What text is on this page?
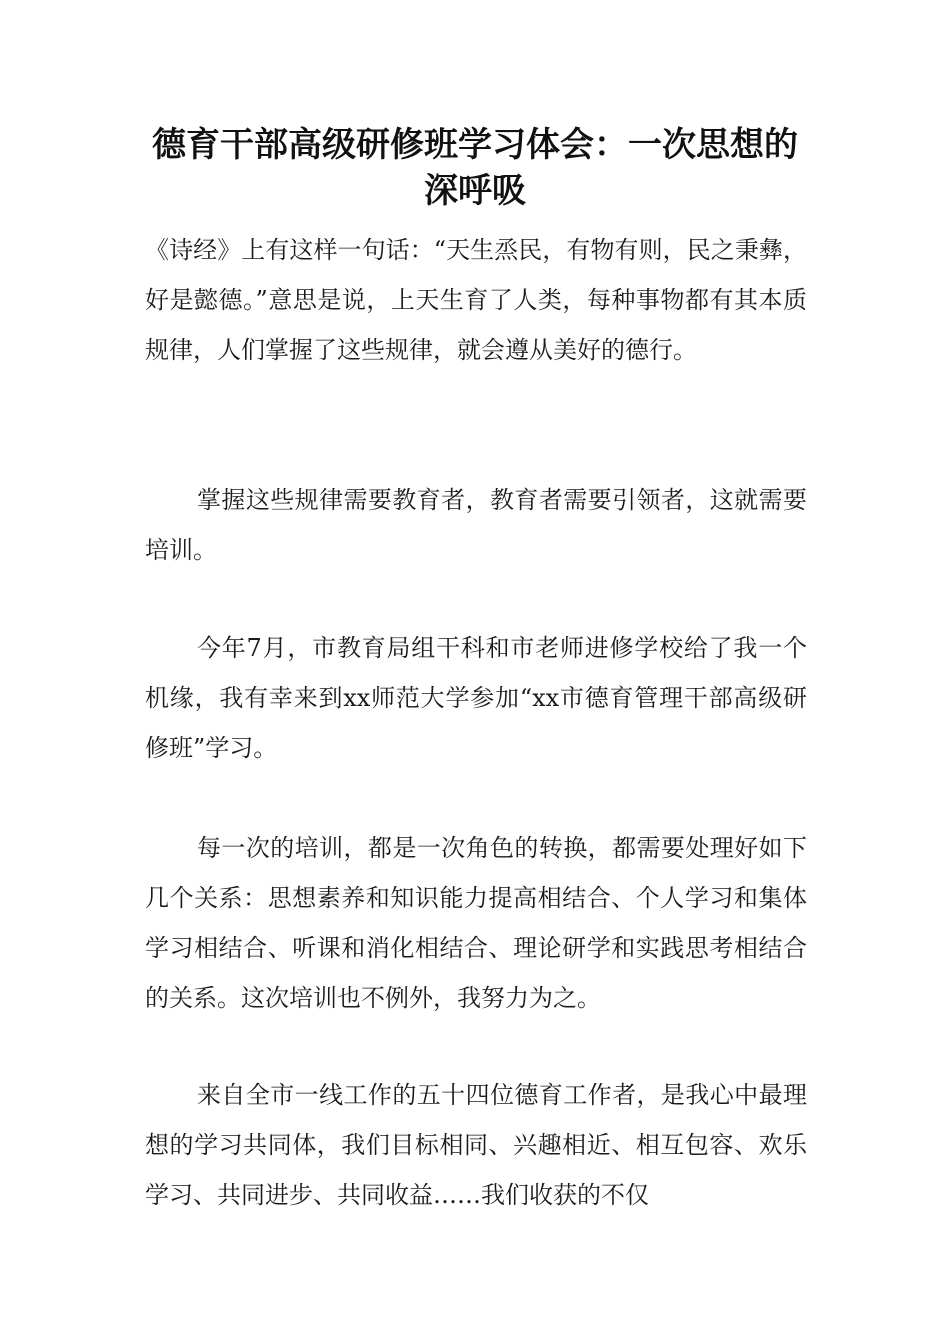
德育干部高级研修班学习体会：一次思想的深呼吸

《诗经》上有这样一句话：“天生烝民，有物有则，民之秉彝，好是懿德。”意思是说，上天生育了人类，每种事物都有其本质规律，人们掌握了这些规律，就会遵从美好的德行。

掌握这些规律需要教育者，教育者需要引领者，这就需要培训。

今年7月，市教育局组干科和市老师进修学校给了我一个机缘，我有幸来到xx师范大学参加“xx市德育管理干部高级研修班”学习。

每一次的培训，都是一次角色的转换，都需要处理好如下几个关系：思想素养和知识能力提高相结合、个人学习和集体学习相结合、听课和消化相结合、理论研学和实践思考相结合的关系。这次培训也不例外，我努力为之。

来自全市一线工作的五十四位德育工作者，是我心中最理想的学习共同体，我们目标相同、兴趣相近、相互包容、欢乐学习、共同进步、共同收益……我们收获的不仅
